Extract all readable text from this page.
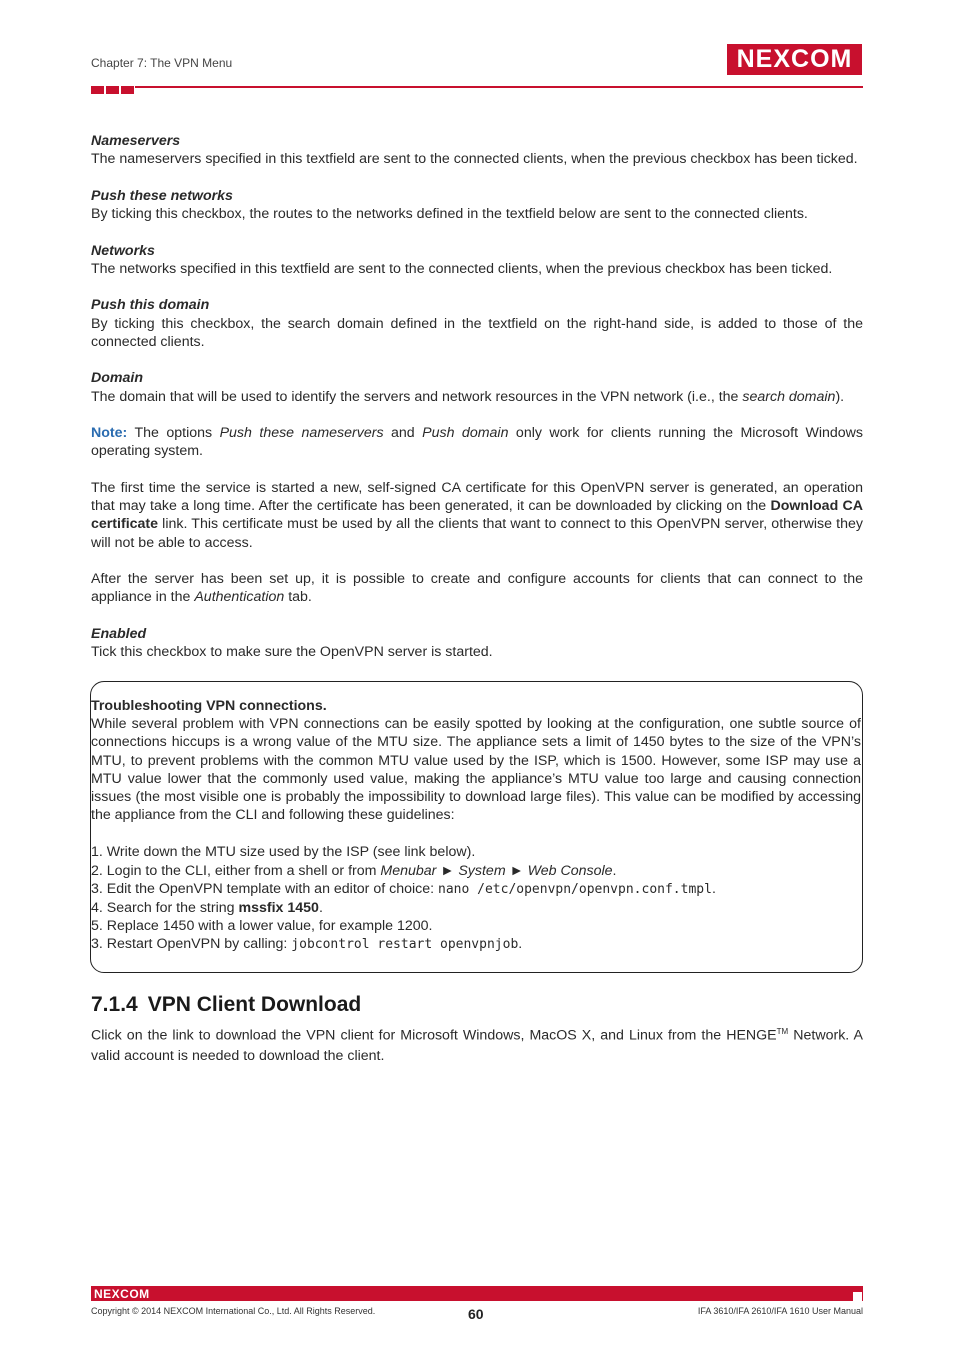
Chapter 7: The VPN Menu	NEXCOM

Nameservers

The nameservers specified in this textfield are sent to the connected clients, when the previous checkbox has been ticked.

Push these networks

By ticking this checkbox, the routes to the networks defined in the textfield below are sent to the connected clients.

Networks

The networks specified in this textfield are sent to the connected clients, when the previous checkbox has been ticked.

Push this domain

By ticking this checkbox, the search domain defined in the textfield on the right-hand side, is added to those of the connected clients.

Domain

The domain that will be used to identify the servers and network resources in the VPN network (i.e., the search domain).

Note: The options Push these nameservers and Push domain only work for clients running the Microsoft Windows operating system.

The first time the service is started a new, self-signed CA certificate for this OpenVPN server is generated, an operation that may take a long time. After the certificate has been generated, it can be downloaded by clicking on the Download CA certificate link. This certificate must be used by all the clients that want to connect to this OpenVPN server, otherwise they will not be able to access.

After the server has been set up, it is possible to create and configure accounts for clients that can connect to the appliance in the Authentication tab.

Enabled

Tick this checkbox to make sure the OpenVPN server is started.

Troubleshooting VPN connections.

While several problem with VPN connections can be easily spotted by looking at the configuration, one subtle source of connections hiccups is a wrong value of the MTU size. The appliance sets a limit of 1450 bytes to the size of the VPN’s MTU, to prevent problems with the common MTU value used by the ISP, which is 1500. However, some ISP may use a MTU value lower that the commonly used value, making the appliance’s MTU value too large and causing connection issues (the most visible one is probably the impossibility to download large files). This value can be modified by accessing the appliance from the CLI and following these guidelines:

1. Write down the MTU size used by the ISP (see link below).
2. Login to the CLI, either from a shell or from Menubar ► System ► Web Console.
3. Edit the OpenVPN template with an editor of choice: nano /etc/openvpn/openvpn.conf.tmpl.
4. Search for the string mssfix 1450.
5. Replace 1450 with a lower value, for example 1200.
3. Restart OpenVPN by calling: jobcontrol restart openvpnjob.
7.1.4 VPN Client Download
Click on the link to download the VPN client for Microsoft Windows, MacOS X, and Linux from the HENGE™ Network. A valid account is needed to download the client.
NEXCOM
Copyright © 2014 NEXCOM International Co., Ltd. All Rights Reserved.	60	IFA 3610/IFA 2610/IFA 1610 User Manual
